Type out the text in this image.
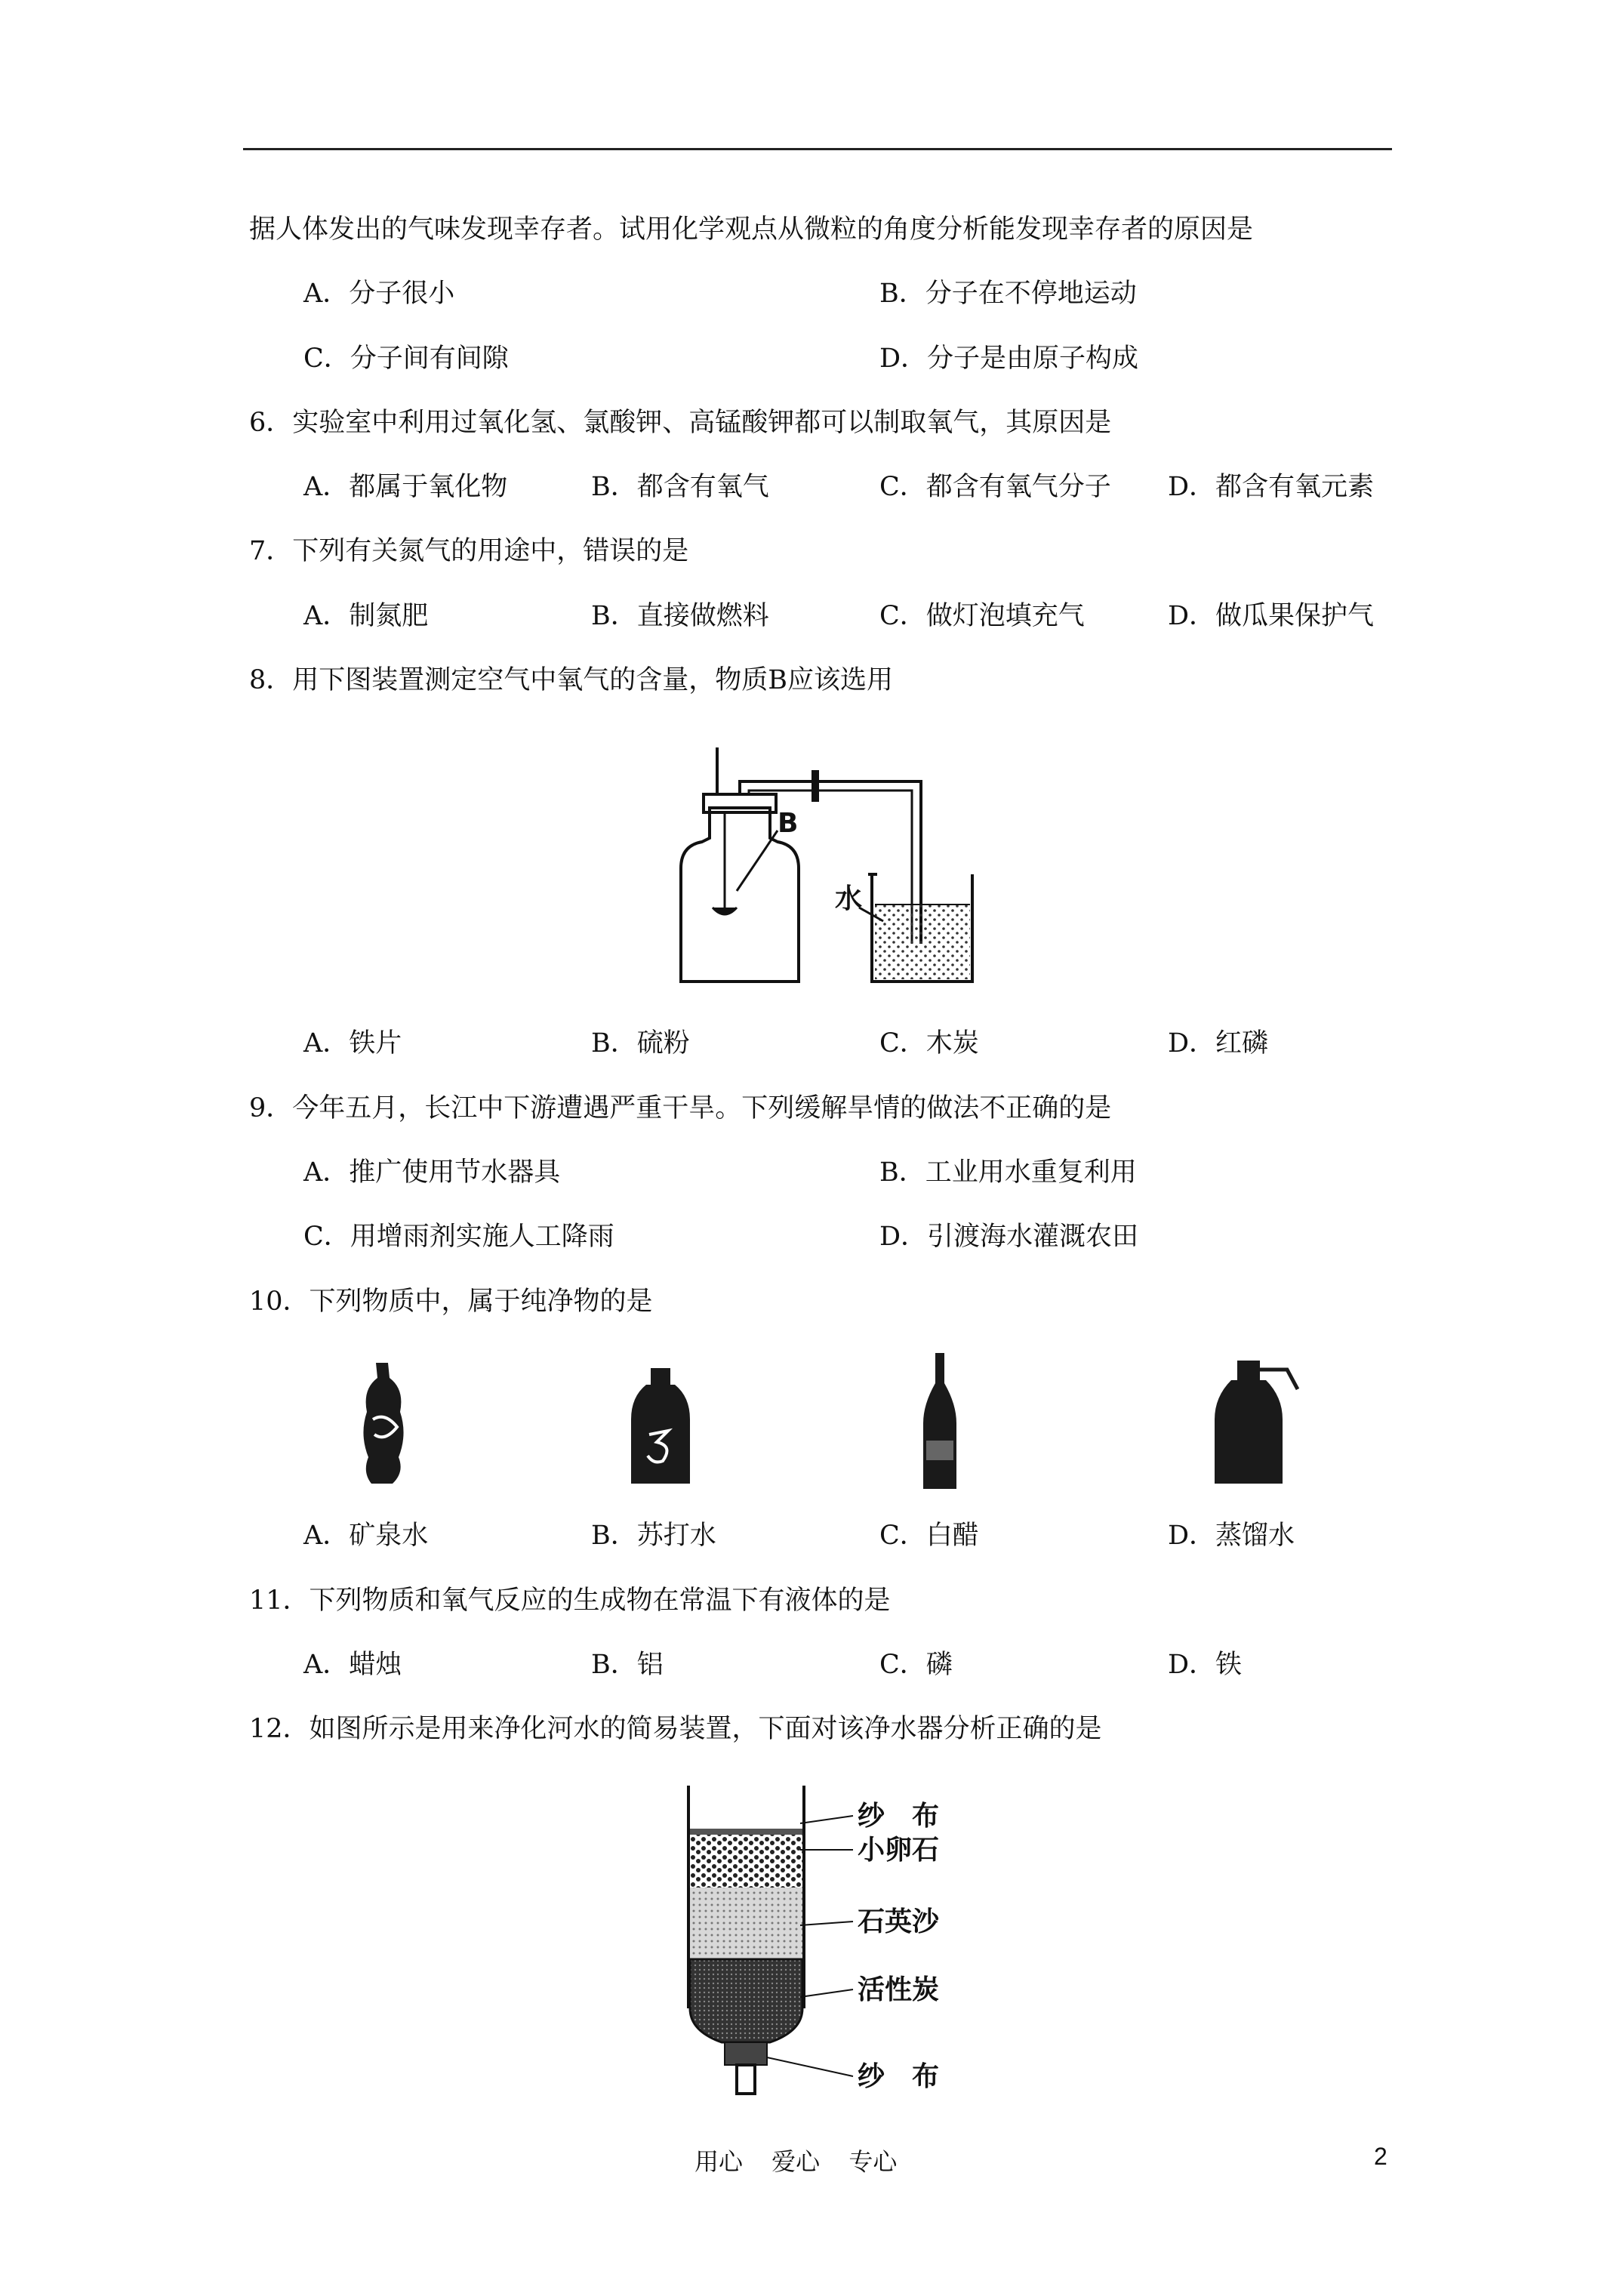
据人体发出的气味发现幸存者。试用化学观点从微粒的角度分析能发现幸存者的原因是
A．分子很小	B．分子在不停地运动
C．分子间有间隙	D．分子是由原子构成
6．实验室中利用过氧化氢、氯酸钾、高锰酸钾都可以制取氧气，其原因是
A．都属于氧化物	B．都含有氧气	C．都含有氧气分子 D．都含有氧元素
7．下列有关氮气的用途中，错误的是
A．制氮肥	B．直接做燃料	C．做灯泡填充气	D．做瓜果保护气
8．用下图装置测定空气中氧气的含量，物质B应该选用
B
水
A．铁片	B．硫粉	C．木炭	D．红磷
9．今年五月，长江中下游遭遇严重干旱。下列缓解旱情的做法不正确的是
A．推广使用节水器具	B．工业用水重复利用
C．用增雨剂实施人工降雨	D．引渡海水灌溉农田
10．下列物质中，属于纯净物的是
A．矿泉水	B．苏打水	C．白醋	D．蒸馏水
11．下列物质和氧气反应的生成物在常温下有液体的是
A．蜡烛	B．铝	C．磷	D．铁
12．如图所示是用来净化河水的简易装置，下面对该净水器分析正确的是
纱　布
小卵石
石英沙
活性炭
纱　布
用心 爱心 专心	2
